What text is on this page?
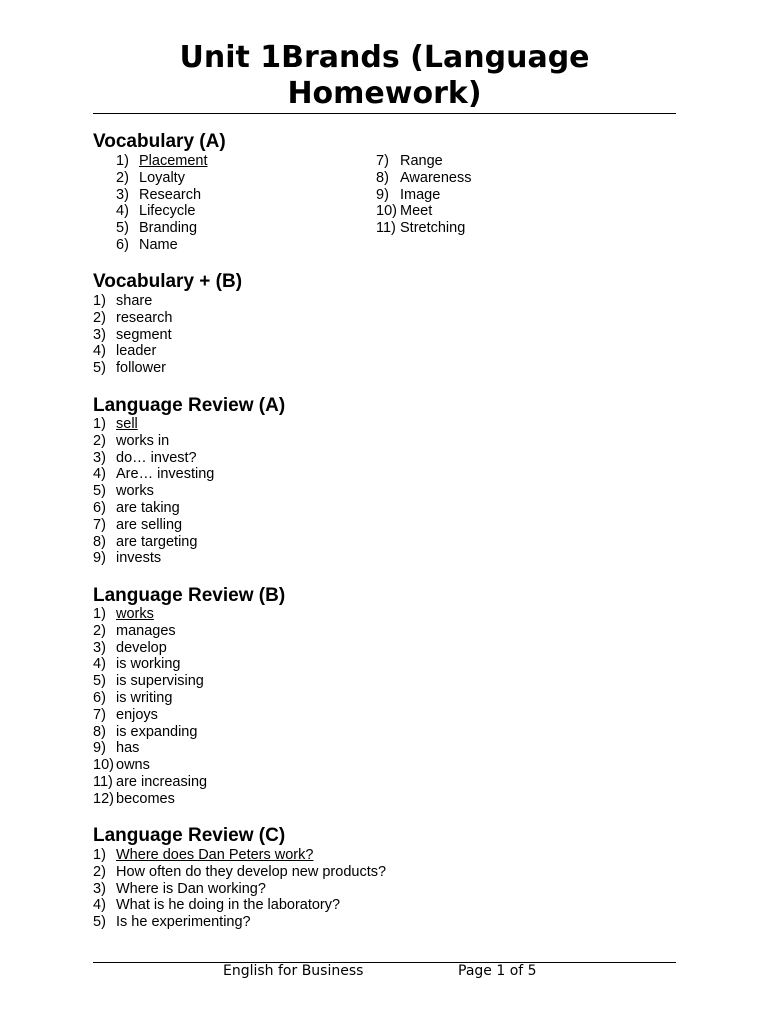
Unit 1Brands (Language Homework)
Vocabulary (A)
1) Placement
2) Loyalty
3) Research
4) Lifecycle
5) Branding
6) Name
7) Range
8) Awareness
9) Image
10) Meet
11) Stretching
Vocabulary + (B)
1) share
2) research
3) segment
4) leader
5) follower
Language Review (A)
1) sell
2) works in
3) do… invest?
4) Are… investing
5) works
6) are taking
7) are selling
8) are targeting
9) invests
Language Review (B)
1) works
2) manages
3) develop
4) is working
5) is supervising
6) is writing
7) enjoys
8) is expanding
9) has
10) owns
11) are increasing
12) becomes
Language Review (C)
1) Where does Dan Peters work?
2) How often do they develop new products?
3) Where is Dan working?
4) What is he doing in the laboratory?
5) Is he experimenting?

English for Business	Page 1 of 5
